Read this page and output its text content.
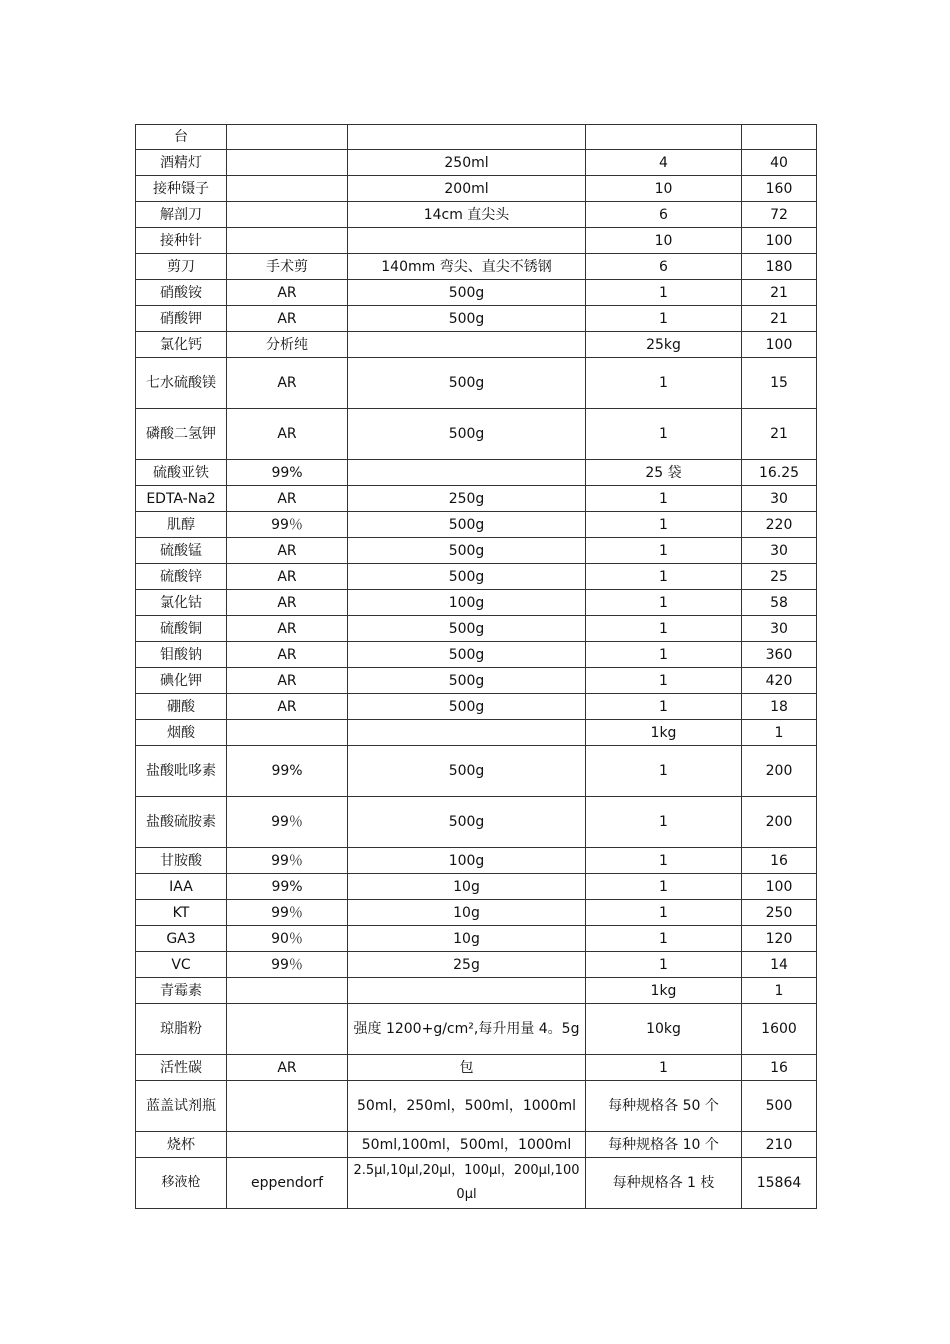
台				
酒精灯		250ml	4	40
接种镊子		200ml	10	160
解剖刀		14cm 直尖头	6	72
接种针			10	100
剪刀	手术剪	140mm 弯尖、直尖不锈钢	6	180
硝酸铵	AR	500g	1	21
硝酸钾	AR	500g	1	21
氯化钙	分析纯		25kg	100
七水硫酸镁	AR	500g	1	15
磷酸二氢钾	AR	500g	1	21
硫酸亚铁	99%		25 袋	16.25
EDTA-Na2	AR	250g	1	30
肌醇	99％	500g	1	220
硫酸锰	AR	500g	1	30
硫酸锌	AR	500g	1	25
氯化钴	AR	100g	1	58
硫酸铜	AR	500g	1	30
钼酸钠	AR	500g	1	360
碘化钾	AR	500g	1	420
硼酸	AR	500g	1	18
烟酸			1kg	1
盐酸吡哆素	99%	500g	1	200
盐酸硫胺素	99％	500g	1	200
甘胺酸	99％	100g	1	16
IAA	99%	10g	1	100
KT	99％	10g	1	250
GA3	90％	10g	1	120
VC	99％	25g	1	14
青霉素			1kg	1
琼脂粉		强度 1200+g/cm²,每升用量 4。5g	10kg	1600
活性碳	AR	包	1	16
蓝盖试剂瓶		50ml，250ml，500ml，1000ml	每种规格各 50 个	500
烧杯		50ml,100ml，500ml，1000ml	每种规格各 10 个	210
移液枪	eppendorf	2.5μl,10μl,20μl，100μl，200μl,1000μl	每种规格各 1 枝	15864
